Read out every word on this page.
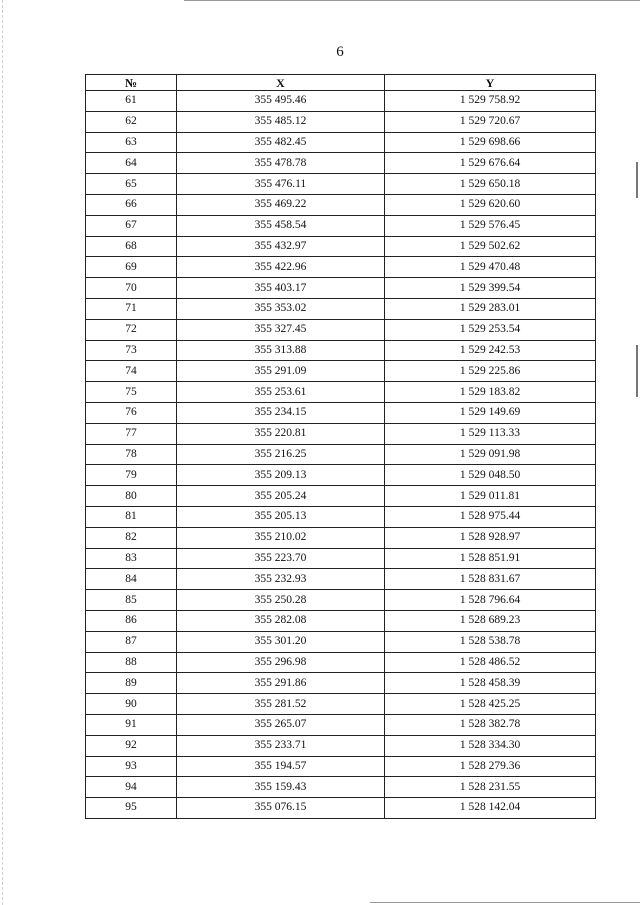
6
№	X	Y
61	355 495.46	1 529 758.92
62	355 485.12	1 529 720.67
63	355 482.45	1 529 698.66
64	355 478.78	1 529 676.64
65	355 476.11	1 529 650.18
66	355 469.22	1 529 620.60
67	355 458.54	1 529 576.45
68	355 432.97	1 529 502.62
69	355 422.96	1 529 470.48
70	355 403.17	1 529 399.54
71	355 353.02	1 529 283.01
72	355 327.45	1 529 253.54
73	355 313.88	1 529 242.53
74	355 291.09	1 529 225.86
75	355 253.61	1 529 183.82
76	355 234.15	1 529 149.69
77	355 220.81	1 529 113.33
78	355 216.25	1 529 091.98
79	355 209.13	1 529 048.50
80	355 205.24	1 529 011.81
81	355 205.13	1 528 975.44
82	355 210.02	1 528 928.97
83	355 223.70	1 528 851.91
84	355 232.93	1 528 831.67
85	355 250.28	1 528 796.64
86	355 282.08	1 528 689.23
87	355 301.20	1 528 538.78
88	355 296.98	1 528 486.52
89	355 291.86	1 528 458.39
90	355 281.52	1 528 425.25
91	355 265.07	1 528 382.78
92	355 233.71	1 528 334.30
93	355 194.57	1 528 279.36
94	355 159.43	1 528 231.55
95	355 076.15	1 528 142.04
